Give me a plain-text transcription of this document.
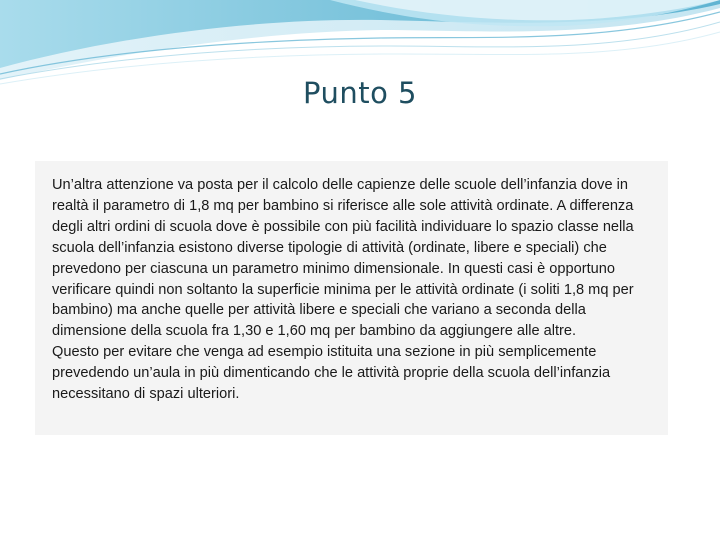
Punto 5

Un’altra attenzione va posta per il calcolo delle capienze delle scuole dell’infanzia dove in realtà il parametro di 1,8 mq per bambino si riferisce alle sole attività ordinate. A differenza degli altri ordini di scuola dove è possibile con più facilità individuare lo spazio classe nella scuola dell’infanzia esistono diverse tipologie di attività (ordinate, libere e speciali) che prevedono per ciascuna un parametro minimo dimensionale. In questi casi è opportuno verificare quindi non soltanto la superficie minima per le attività ordinate (i soliti 1,8 mq per bambino) ma anche quelle per attività libere e speciali che variano a seconda della dimensione della scuola fra 1,30 e 1,60 mq per bambino da aggiungere alle altre.

Questo per evitare che venga ad esempio istituita una sezione in più semplicemente prevedendo un’aula in più dimenticando che le attività proprie della scuola dell’infanzia necessitano di spazi ulteriori.
